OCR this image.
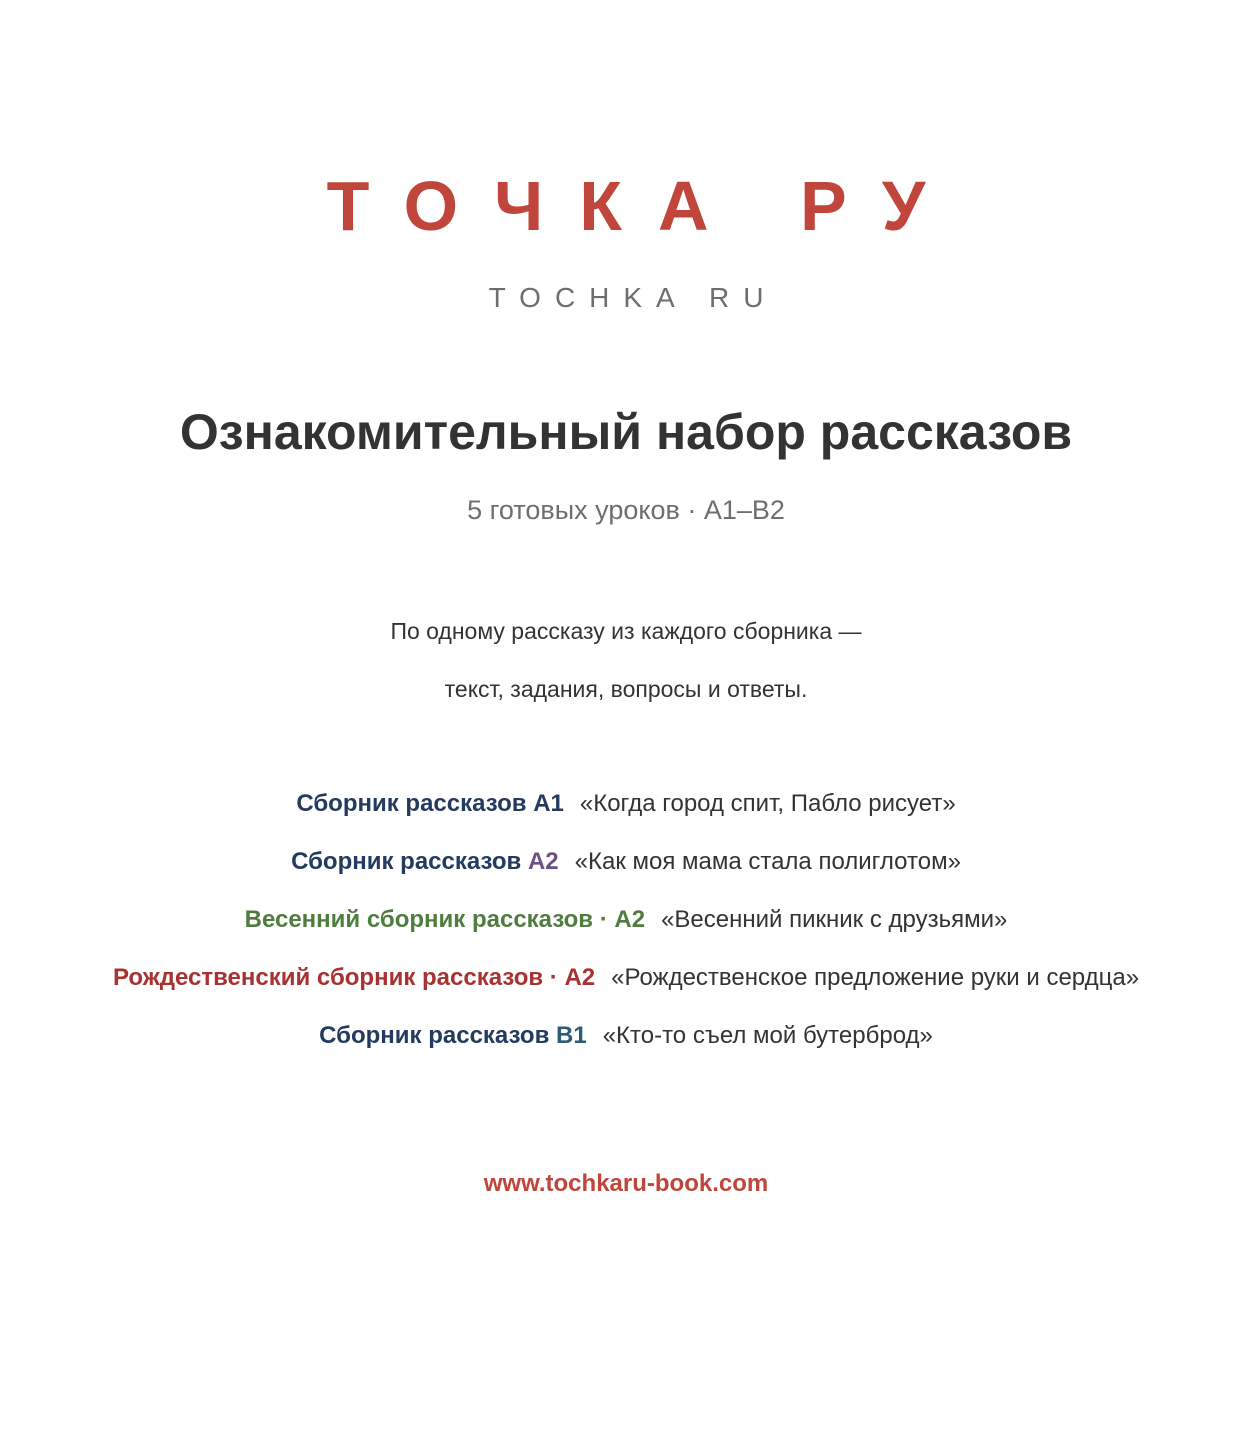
ТОЧКА РУ
TOCHKA RU
Ознакомительный набор рассказов
5 готовых уроков · A1–B2
По одному рассказу из каждого сборника —
текст, задания, вопросы и ответы.
Сборник рассказов A1 «Когда город спит, Пабло рисует»
Сборник рассказов A2 «Как моя мама стала полиглотом»
Весенний сборник рассказов · A2 «Весенний пикник с друзьями»
Рождественский сборник рассказов · A2 «Рождественское предложение руки и сердца»
Сборник рассказов B1 «Кто-то съел мой бутерброд»
www.tochkaru-book.com
